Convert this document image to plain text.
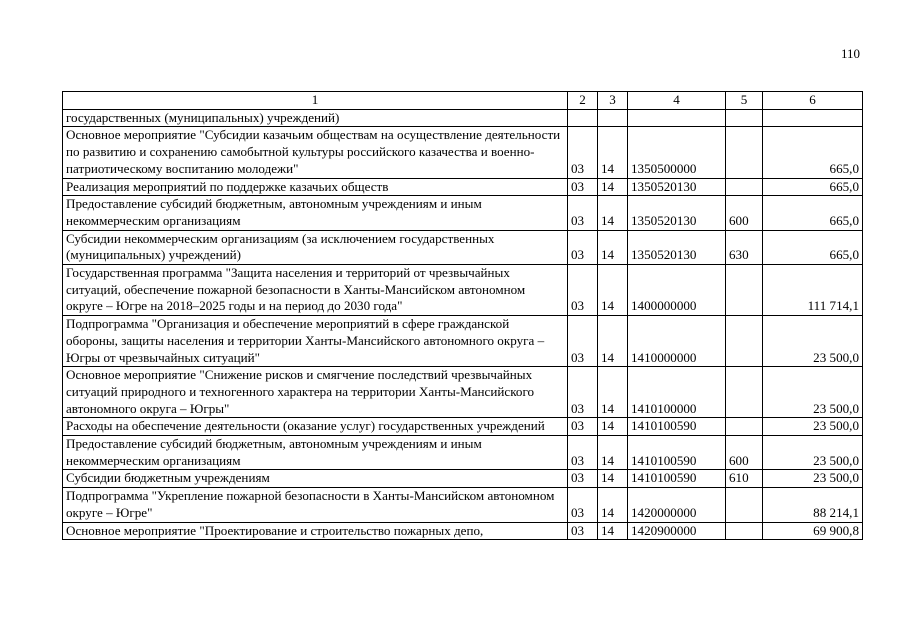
110
1	2	3	4	5	6
государственных (муниципальных) учреждений)					
Основное мероприятие "Субсидии казачьим обществам на осуществление деятельности по развитию и сохранению самобытной культуры российского казачества и военно-патриотическому воспитанию молодежи"	03	14	1350500000		665,0
Реализация мероприятий по поддержке казачьих обществ	03	14	1350520130		665,0
Предоставление субсидий бюджетным, автономным учреждениям и иным некоммерческим организациям	03	14	1350520130	600	665,0
Субсидии некоммерческим организациям (за исключением государственных (муниципальных) учреждений)	03	14	1350520130	630	665,0
Государственная программа "Защита населения и территорий от чрезвычайных ситуаций, обеспечение пожарной безопасности в Ханты-Мансийском автономном округе – Югре на 2018–2025 годы и на период до 2030 года"	03	14	1400000000		111 714,1
Подпрограмма "Организация и обеспечение мероприятий в сфере гражданской обороны, защиты населения и территории Ханты-Мансийского автономного округа – Югры от чрезвычайных ситуаций"	03	14	1410000000		23 500,0
Основное мероприятие "Снижение рисков и смягчение последствий чрезвычайных ситуаций природного и техногенного характера на территории Ханты-Мансийского автономного округа – Югры"	03	14	1410100000		23 500,0
Расходы на обеспечение деятельности (оказание услуг) государственных учреждений	03	14	1410100590		23 500,0
Предоставление субсидий бюджетным, автономным учреждениям и иным некоммерческим организациям	03	14	1410100590	600	23 500,0
Субсидии бюджетным учреждениям	03	14	1410100590	610	23 500,0
Подпрограмма "Укрепление пожарной безопасности в Ханты-Мансийском автономном округе – Югре"	03	14	1420000000		88 214,1
Основное мероприятие "Проектирование и строительство пожарных депо,	03	14	1420900000		69 900,8
